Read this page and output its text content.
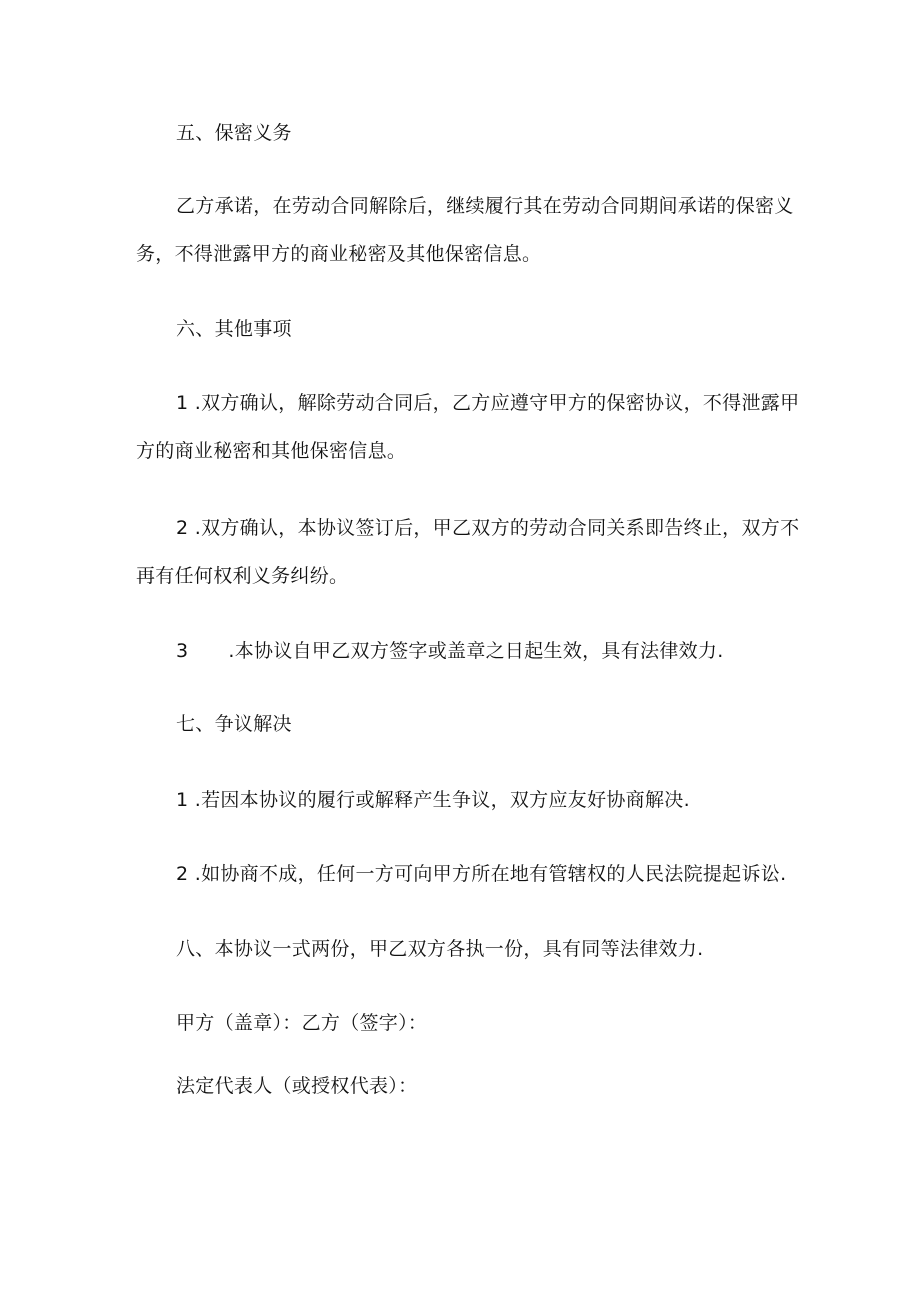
五、保密义务
乙方承诺，在劳动合同解除后，继续履行其在劳动合同期间承诺的保密义
务，不得泄露甲方的商业秘密及其他保密信息。
六、其他事项
1 .双方确认，解除劳动合同后，乙方应遵守甲方的保密协议，不得泄露甲
方的商业秘密和其他保密信息。
2 .双方确认，本协议签订后，甲乙双方的劳动合同关系即告终止，双方不
再有任何权利义务纠纷。
3 .本协议自甲乙双方签字或盖章之日起生效，具有法律效力.
七、争议解决
1 .若因本协议的履行或解释产生争议，双方应友好协商解决.
2 .如协商不成，任何一方可向甲方所在地有管辖权的人民法院提起诉讼.
八、本协议一式两份，甲乙双方各执一份，具有同等法律效力.
甲方（盖章）：乙方（签字）：
法定代表人（或授权代表）：
